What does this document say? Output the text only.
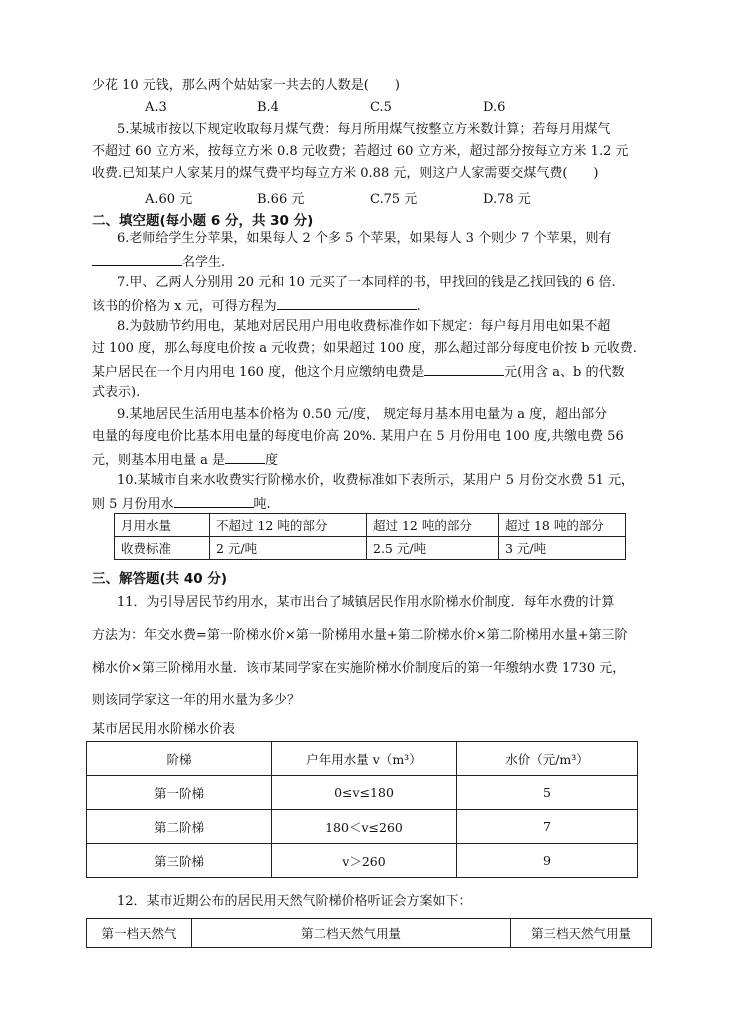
少花 10 元钱，那么两个姑姑家一共去的人数是(　　)
A.3	B.4	C.5	D.6
5.某城市按以下规定收取每月煤气费：每月所用煤气按整立方米数计算；若每月用煤气
不超过 60 立方米，按每立方米 0.8 元收费；若超过 60 立方米，超过部分按每立方米 1.2 元
收费.已知某户人家某月的煤气费平均每立方米 0.88 元，则这户人家需要交煤气费(　　)
A.60 元	B.66 元	C.75 元	D.78 元
二、填空题(每小题 6 分，共 30 分)
6.老师给学生分苹果，如果每人 2 个多 5 个苹果，如果每人 3 个则少 7 个苹果，则有
名学生.
7.甲、乙两人分别用 20 元和 10 元买了一本同样的书，甲找回的钱是乙找回钱的 6 倍.
该书的价格为 x 元，可得方程为	.
8.为鼓励节约用电，某地对居民用户用电收费标准作如下规定：每户每月用电如果不超
过 100 度，那么每度电价按 a 元收费；如果超过 100 度，那么超过部分每度电价按 b 元收费.
某户居民在一个月内用电 160 度，他这个月应缴纳电费是	元(用含 a、b 的代数
式表示).
9.某地居民生活用电基本价格为 0.50 元/度， 规定每月基本用电量为 a 度，超出部分
电量的每度电价比基本用电量的每度电价高 20%. 某用户在 5 月份用电 100 度,共缴电费 56
元，则基本用电量 a 是	度
10.某城市自来水收费实行阶梯水价，收费标准如下表所示，某用户 5 月份交水费 51 元，
则 5 月份用水	吨.
月用水量	不超过 12 吨的部分	超过 12 吨的部分	超过 18 吨的部分
收费标准	2 元/吨	2.5 元/吨	3 元/吨
三、解答题(共 40 分)
11．为引导居民节约用水，某市出台了城镇居民作用水阶梯水价制度．每年水费的计算
方法为：年交水费=第一阶梯水价×第一阶梯用水量+第二阶梯水价×第二阶梯用水量+第三阶
梯水价×第三阶梯用水量．该市某同学家在实施阶梯水价制度后的第一年缴纳水费 1730 元，
则该同学家这一年的用水量为多少？
某市居民用水阶梯水价表
阶梯	户年用水量 v（m³）	水价（元/m³）
第一阶梯	0≤v≤180	5
第二阶梯	180＜v≤260	7
第三阶梯	v＞260	9
12．某市近期公布的居民用天然气阶梯价格听证会方案如下：
第一档天然气	第二档天然气用量	第三档天然气用量
